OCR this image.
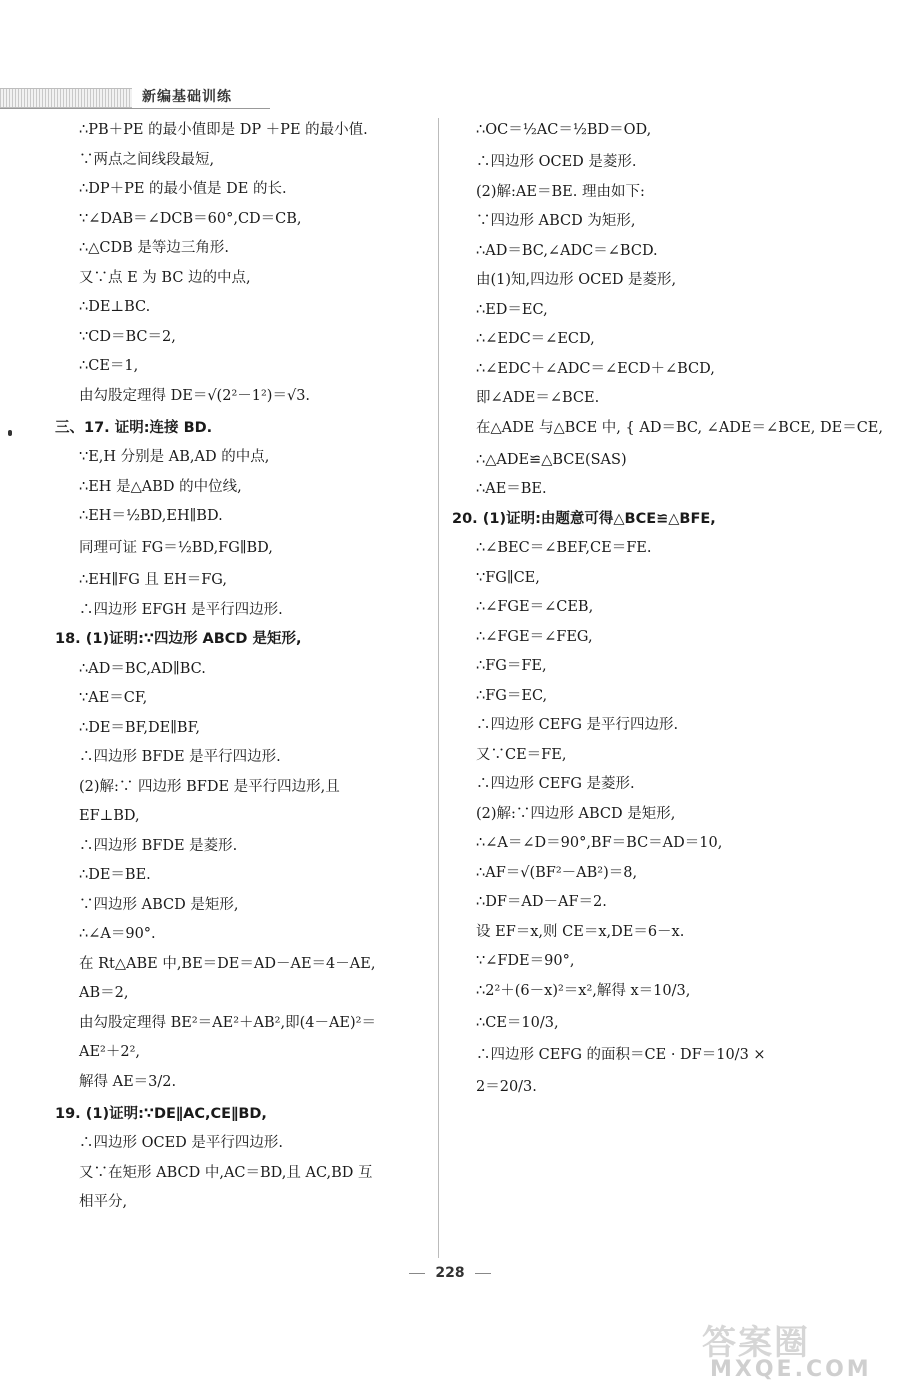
新编基础训练
∴PB＋PE 的最小值即是 DP ＋PE 的最小值.
∵两点之间线段最短,
∴DP＋PE 的最小值是 DE 的长.
∵∠DAB＝∠DCB＝60°,CD＝CB,
∴△CDB 是等边三角形.
又∵点 E 为 BC 边的中点,
∴DE⊥BC.
∵CD＝BC＝2,
∴CE＝1,
由勾股定理得 DE＝√(2²－1²)＝√3.
三、17. 证明:连接 BD.
∵E,H 分别是 AB,AD 的中点,
∴EH 是△ABD 的中位线,
∴EH＝½BD,EH∥BD.
同理可证 FG＝½BD,FG∥BD,
∴EH∥FG 且 EH＝FG,
∴四边形 EFGH 是平行四边形.
18. (1)证明:∵四边形 ABCD 是矩形,
∴AD＝BC,AD∥BC.
∵AE＝CF,
∴DE＝BF,DE∥BF,
∴四边形 BFDE 是平行四边形.
(2)解:∵ 四边形 BFDE 是平行四边形,且
EF⊥BD,
∴四边形 BFDE 是菱形.
∴DE＝BE.
∵四边形 ABCD 是矩形,
∴∠A＝90°.
在 Rt△ABE 中,BE＝DE＝AD－AE＝4－AE,
AB＝2,
由勾股定理得 BE²＝AE²＋AB²,即(4－AE)²＝
AE²＋2²,
解得 AE＝3/2.
19. (1)证明:∵DE∥AC,CE∥BD,
∴四边形 OCED 是平行四边形.
又∵在矩形 ABCD 中,AC＝BD,且 AC,BD 互
相平分,
∴OC＝½AC＝½BD＝OD,
∴四边形 OCED 是菱形.
(2)解:AE＝BE. 理由如下:
∵四边形 ABCD 为矩形,
∴AD＝BC,∠ADC＝∠BCD.
由(1)知,四边形 OCED 是菱形,
∴ED＝EC,
∴∠EDC＝∠ECD,
∴∠EDC＋∠ADC＝∠ECD＋∠BCD,
即∠ADE＝∠BCE.
在△ADE 与△BCE 中, { AD＝BC, ∠ADE＝∠BCE, DE＝CE,
∴△ADE≌△BCE(SAS)
∴AE＝BE.
20. (1)证明:由题意可得△BCE≌△BFE,
∴∠BEC＝∠BEF,CE＝FE.
∵FG∥CE,
∴∠FGE＝∠CEB,
∴∠FGE＝∠FEG,
∴FG＝FE,
∴FG＝EC,
∴四边形 CEFG 是平行四边形.
又∵CE＝FE,
∴四边形 CEFG 是菱形.
(2)解:∵四边形 ABCD 是矩形,
∴∠A＝∠D＝90°,BF＝BC＝AD＝10,
∴AF＝√(BF²－AB²)＝8,
∴DF＝AD－AF＝2.
设 EF＝x,则 CE＝x,DE＝6－x.
∵∠FDE＝90°,
∴2²＋(6－x)²＝x²,解得 x＝10/3,
∴CE＝10/3,
∴四边形 CEFG 的面积＝CE · DF＝10/3 ×
2＝20/3.
228
答案圈
MXQE.COM
